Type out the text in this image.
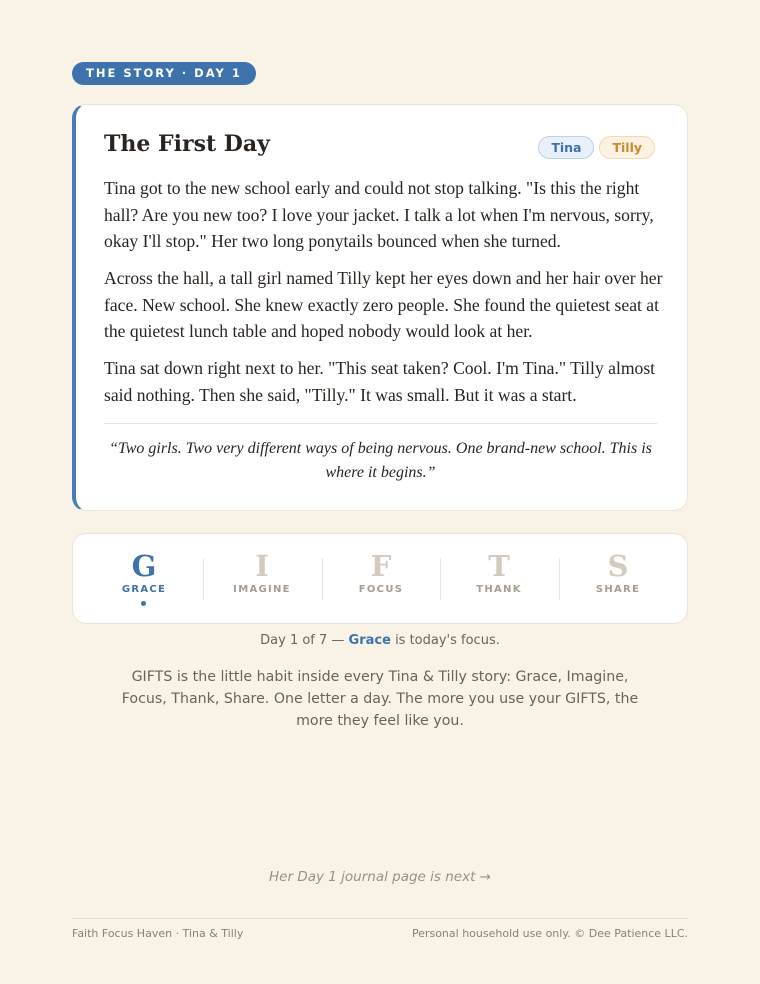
THE STORY · DAY 1
The First Day	Tina	Tilly

Tina got to the new school early and could not stop talking. "Is this the right hall? Are you new too? I love your jacket. I talk a lot when I'm nervous, sorry, okay I'll stop." Her two long ponytails bounced when she turned.

Across the hall, a tall girl named Tilly kept her eyes down and her hair over her face. New school. She knew exactly zero people. She found the quietest seat at the quietest lunch table and hoped nobody would look at her.

Tina sat down right next to her. "This seat taken? Cool. I'm Tina." Tilly almost said nothing. Then she said, "Tilly." It was small. But it was a start.

“Two girls. Two very different ways of being nervous. One brand-new school. This is where it begins.”
G
GRACE
I
IMAGINE
F
FOCUS
T
THANK
S
SHARE
Day 1 of 7 — Grace is today's focus.
GIFTS is the little habit inside every Tina & Tilly story: Grace, Imagine, Focus, Thank, Share. One letter a day. The more you use your GIFTS, the more they feel like you.
Her Day 1 journal page is next →
Faith Focus Haven · Tina & Tilly	Personal household use only. © Dee Patience LLC.
